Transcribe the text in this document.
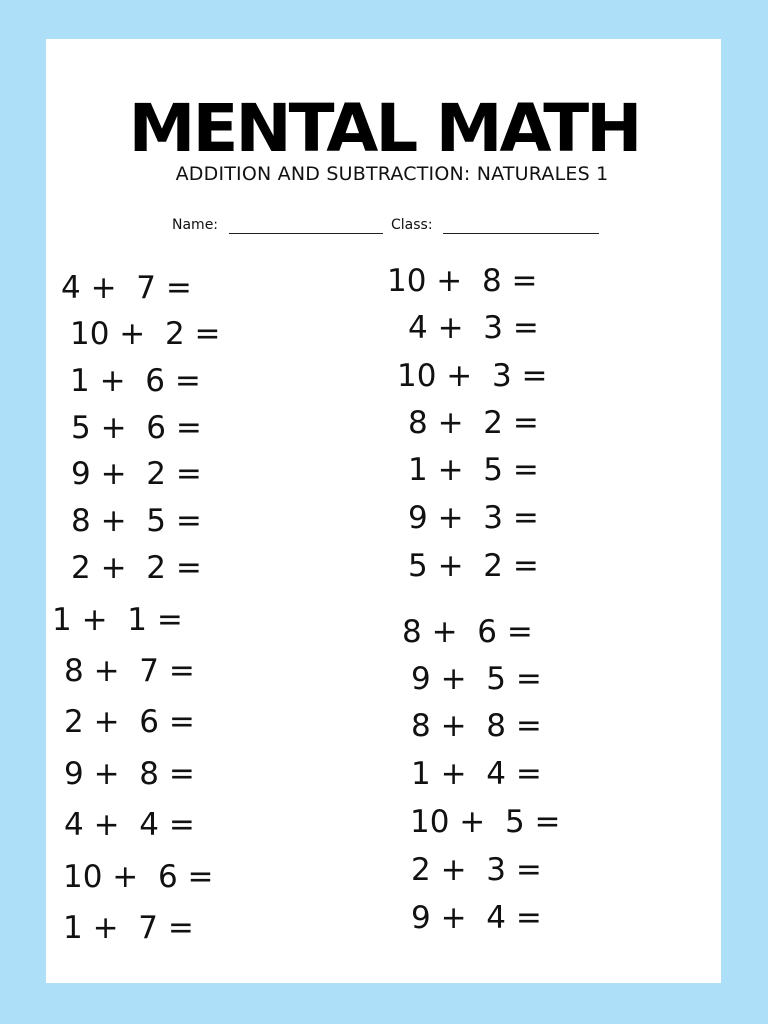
MENTAL MATH
ADDITION AND SUBTRACTION: NATURALES 1
Name:	Class:
4 +  7 =
10 +  2 =
1 +  6 =
5 +  6 =
9 +  2 =
8 +  5 =
2 +  2 =
1 +  1 =
8 +  7 =
2 +  6 =
9 +  8 =
4 +  4 =
10 +  6 =
1 +  7 =
10 +  8 =
4 +  3 =
10 +  3 =
8 +  2 =
1 +  5 =
9 +  3 =
5 +  2 =
8 +  6 =
9 +  5 =
8 +  8 =
1 +  4 =
10 +  5 =
2 +  3 =
9 +  4 =
